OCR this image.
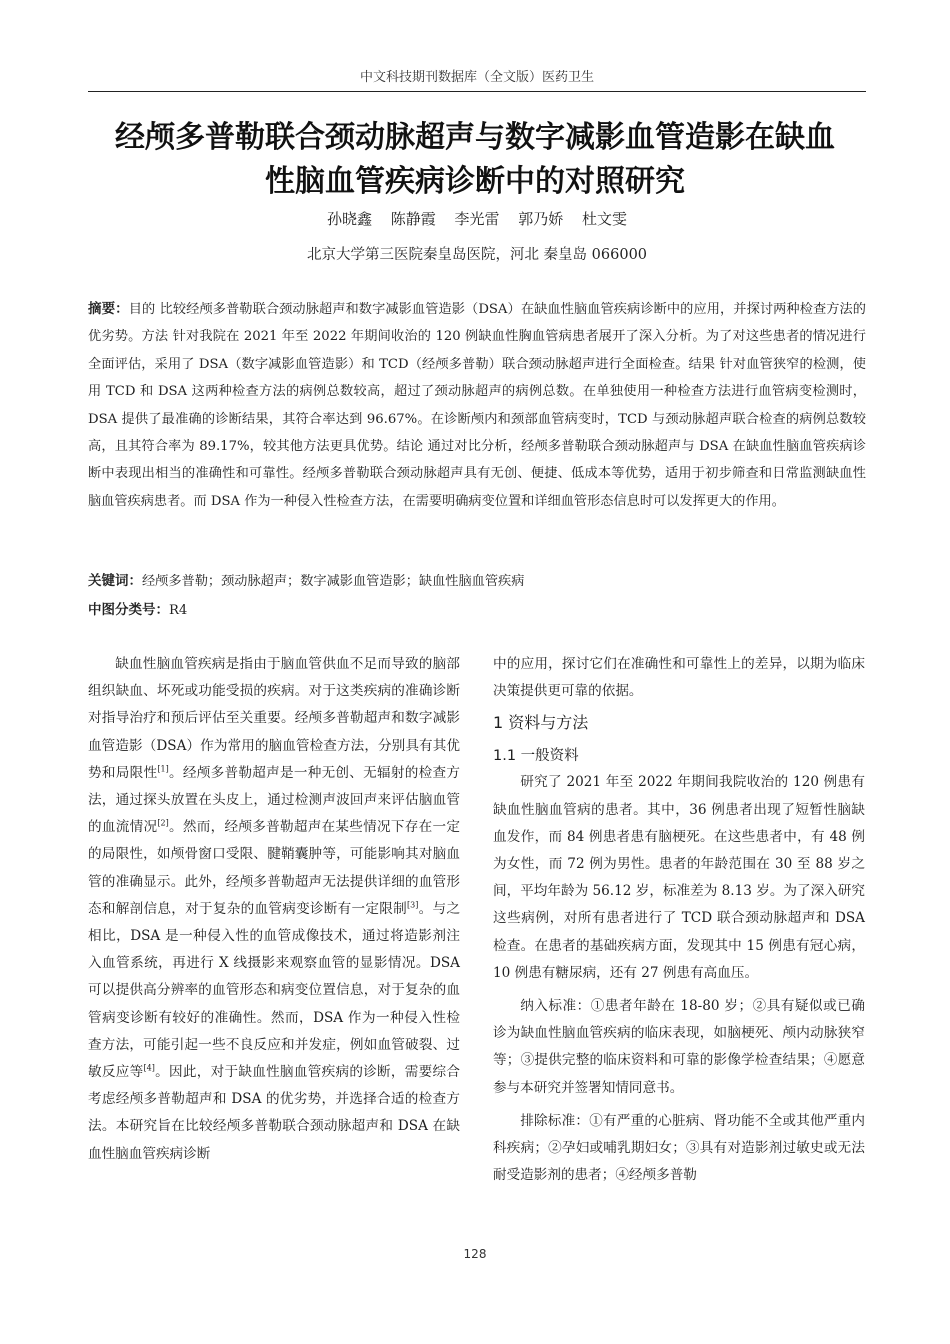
中文科技期刊数据库（全文版）医药卫生
经颅多普勒联合颈动脉超声与数字减影血管造影在缺血
性脑血管疾病诊断中的对照研究
孙晓鑫 陈静霞 李光雷 郭乃娇 杜文雯
北京大学第三医院秦皇岛医院，河北 秦皇岛 066000

摘要：目的 比较经颅多普勒联合颈动脉超声和数字减影血管造影（DSA）在缺血性脑血管疾病诊断中的应用，并探讨两种检查方法的优劣势。方法 针对我院在 2021 年至 2022 年期间收治的 120 例缺血性胸血管病患者展开了深入分析。为了对这些患者的情况进行全面评估，采用了 DSA（数字减影血管造影）和 TCD（经颅多普勒）联合颈动脉超声进行全面检查。结果 针对血管狭窄的检测，使用 TCD 和 DSA 这两种检查方法的病例总数较高，超过了颈动脉超声的病例总数。在单独使用一种检查方法进行血管病变检测时，DSA 提供了最准确的诊断结果，其符合率达到 96.67%。在诊断颅内和颈部血管病变时，TCD 与颈动脉超声联合检查的病例总数较高，且其符合率为 89.17%，较其他方法更具优势。结论 通过对比分析，经颅多普勒联合颈动脉超声与 DSA 在缺血性脑血管疾病诊断中表现出相当的准确性和可靠性。经颅多普勒联合颈动脉超声具有无创、便捷、低成本等优势，适用于初步筛查和日常监测缺血性脑血管疾病患者。而 DSA 作为一种侵入性检查方法，在需要明确病变位置和详细血管形态信息时可以发挥更大的作用。

关键词：经颅多普勒；颈动脉超声；数字减影血管造影；缺血性脑血管疾病
中图分类号：R4

缺血性脑血管疾病是指由于脑血管供血不足而导致的脑部组织缺血、坏死或功能受损的疾病。对于这类疾病的准确诊断对指导治疗和预后评估至关重要。经颅多普勒超声和数字减影血管造影（DSA）作为常用的脑血管检查方法，分别具有其优势和局限性[1]。经颅多普勒超声是一种无创、无辐射的检查方法，通过探头放置在头皮上，通过检测声波回声来评估脑血管的血流情况[2]。然而，经颅多普勒超声在某些情况下存在一定的局限性，如颅骨窗口受限、腱鞘囊肿等，可能影响其对脑血管的准确显示。此外，经颅多普勒超声无法提供详细的血管形态和解剖信息，对于复杂的血管病变诊断有一定限制[3]。与之相比，DSA 是一种侵入性的血管成像技术，通过将造影剂注入血管系统，再进行 X 线摄影来观察血管的显影情况。DSA 可以提供高分辨率的血管形态和病变位置信息，对于复杂的血管病变诊断有较好的准确性。然而，DSA 作为一种侵入性检查方法，可能引起一些不良反应和并发症，例如血管破裂、过敏反应等[4]。因此，对于缺血性脑血管疾病的诊断，需要综合考虑经颅多普勒超声和 DSA 的优劣势，并选择合适的检查方法。本研究旨在比较经颅多普勒联合颈动脉超声和 DSA 在缺血性脑血管疾病诊断

中的应用，探讨它们在准确性和可靠性上的差异，以期为临床决策提供更可靠的依据。

1 资料与方法
1.1 一般资料

研究了 2021 年至 2022 年期间我院收治的 120 例患有缺血性脑血管病的患者。其中，36 例患者出现了短暂性脑缺血发作，而 84 例患者患有脑梗死。在这些患者中，有 48 例为女性，而 72 例为男性。患者的年龄范围在 30 至 88 岁之间，平均年龄为 56.12 岁，标准差为 8.13 岁。为了深入研究这些病例，对所有患者进行了 TCD 联合颈动脉超声和 DSA 检查。在患者的基础疾病方面，发现其中 15 例患有冠心病，10 例患有糖尿病，还有 27 例患有高血压。

纳入标准：①患者年龄在 18-80 岁；②具有疑似或已确诊为缺血性脑血管疾病的临床表现，如脑梗死、颅内动脉狭窄等；③提供完整的临床资料和可靠的影像学检查结果；④愿意参与本研究并签署知情同意书。

排除标准：①有严重的心脏病、肾功能不全或其他严重内科疾病；②孕妇或哺乳期妇女；③具有对造影剂过敏史或无法耐受造影剂的患者；④经颅多普勒

128
